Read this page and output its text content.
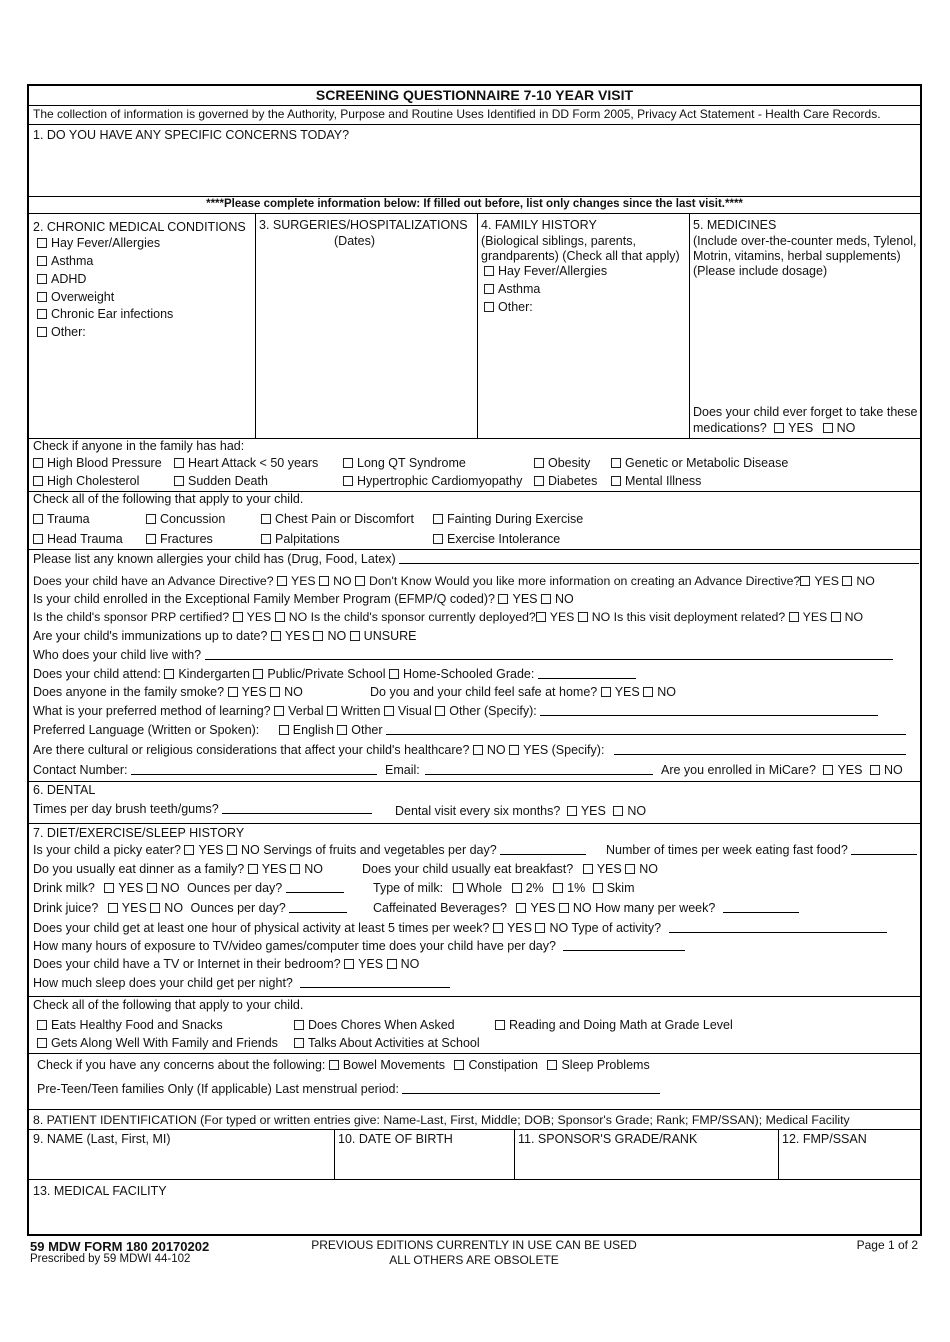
SCREENING QUESTIONNAIRE 7-10 YEAR VISIT
The collection of information is governed by the Authority, Purpose and Routine Uses Identified in DD Form 2005, Privacy Act Statement - Health Care Records.
1. DO YOU HAVE ANY SPECIFIC CONCERNS TODAY?
****Please complete information below: If filled out before, list only changes since the last visit.****
2. CHRONIC MEDICAL CONDITIONS
Hay Fever/Allergies
Asthma
ADHD
Overweight
Chronic Ear infections
Other:
3. SURGERIES/HOSPITALIZATIONS
(Dates)
4. FAMILY HISTORY
(Biological siblings, parents,
grandparents) (Check all that apply)
Hay Fever/Allergies
Asthma
Other:
5. MEDICINES
(Include over-the-counter meds, Tylenol,
Motrin, vitamins, herbal supplements)
(Please include dosage)
Does your child ever forget to take these
medications? YES NO
Check if anyone in the family has had:
High Blood Pressure	Heart Attack < 50 years	Long QT Syndrome	Obesity	Genetic or Metabolic Disease
High Cholesterol	Sudden Death	Hypertrophic Cardiomyopathy	Diabetes	Mental Illness
Check all of the following that apply to your child.
Trauma	Concussion	Chest Pain or Discomfort	Fainting During Exercise
Head Trauma	Fractures	Palpitations	Exercise Intolerance
Please list any known allergies your child has (Drug, Food, Latex)
Does your child have an Advance Directive? YES NO Don't Know Would you like more information on creating an Advance Directive? YES NO
Is your child enrolled in the Exceptional Family Member Program (EFMP/Q coded)? YES NO
Is the child's sponsor PRP certified? YES NO Is the child's sponsor currently deployed? YES NO Is this visit deployment related? YES NO
Are your child's immunizations up to date? YES NO UNSURE
Who does your child live with?
Does your child attend: Kindergarten Public/Private School Home-Schooled Grade:
Does anyone in the family smoke? YES NO	Do you and your child feel safe at home? YES NO
What is your preferred method of learning? Verbal Written Visual Other (Specify):
Preferred Language (Written or Spoken):	English Other
Are there cultural or religious considerations that affect your child's healthcare? NO YES (Specify):
Contact Number:	Email:	Are you enrolled in MiCare? YES NO
6. DENTAL
Times per day brush teeth/gums?	Dental visit every six months? YES NO
7. DIET/EXERCISE/SLEEP HISTORY
Is your child a picky eater? YES NO Servings of fruits and vegetables per day?	Number of times per week eating fast food?
Do you usually eat dinner as a family? YES NO	Does your child usually eat breakfast? YES NO
Drink milk? YES NO Ounces per day?	Type of milk: Whole 2% 1% Skim
Drink juice? YES NO Ounces per day?	Caffeinated Beverages? YES NO How many per week?
Does your child get at least one hour of physical activity at least 5 times per week? YES NO Type of activity?
How many hours of exposure to TV/video games/computer time does your child have per day?
Does your child have a TV or Internet in their bedroom? YES NO
How much sleep does your child get per night?
Check all of the following that apply to your child.
Eats Healthy Food and Snacks	Does Chores When Asked	Reading and Doing Math at Grade Level
Gets Along Well With Family and Friends	Talks About Activities at School
Check if you have any concerns about the following: Bowel Movements Constipation Sleep Problems
Pre-Teen/Teen families Only (If applicable) Last menstrual period:
8. PATIENT IDENTIFICATION (For typed or written entries give: Name-Last, First, Middle; DOB; Sponsor's Grade; Rank; FMP/SSAN); Medical Facility
9. NAME (Last, First, MI)	10. DATE OF BIRTH	11. SPONSOR'S GRADE/RANK	12. FMP/SSAN
13. MEDICAL FACILITY
59 MDW FORM 180 20170202
Prescribed by 59 MDWI 44-102
PREVIOUS EDITIONS CURRENTLY IN USE CAN BE USED
ALL OTHERS ARE OBSOLETE
Page 1 of 2
